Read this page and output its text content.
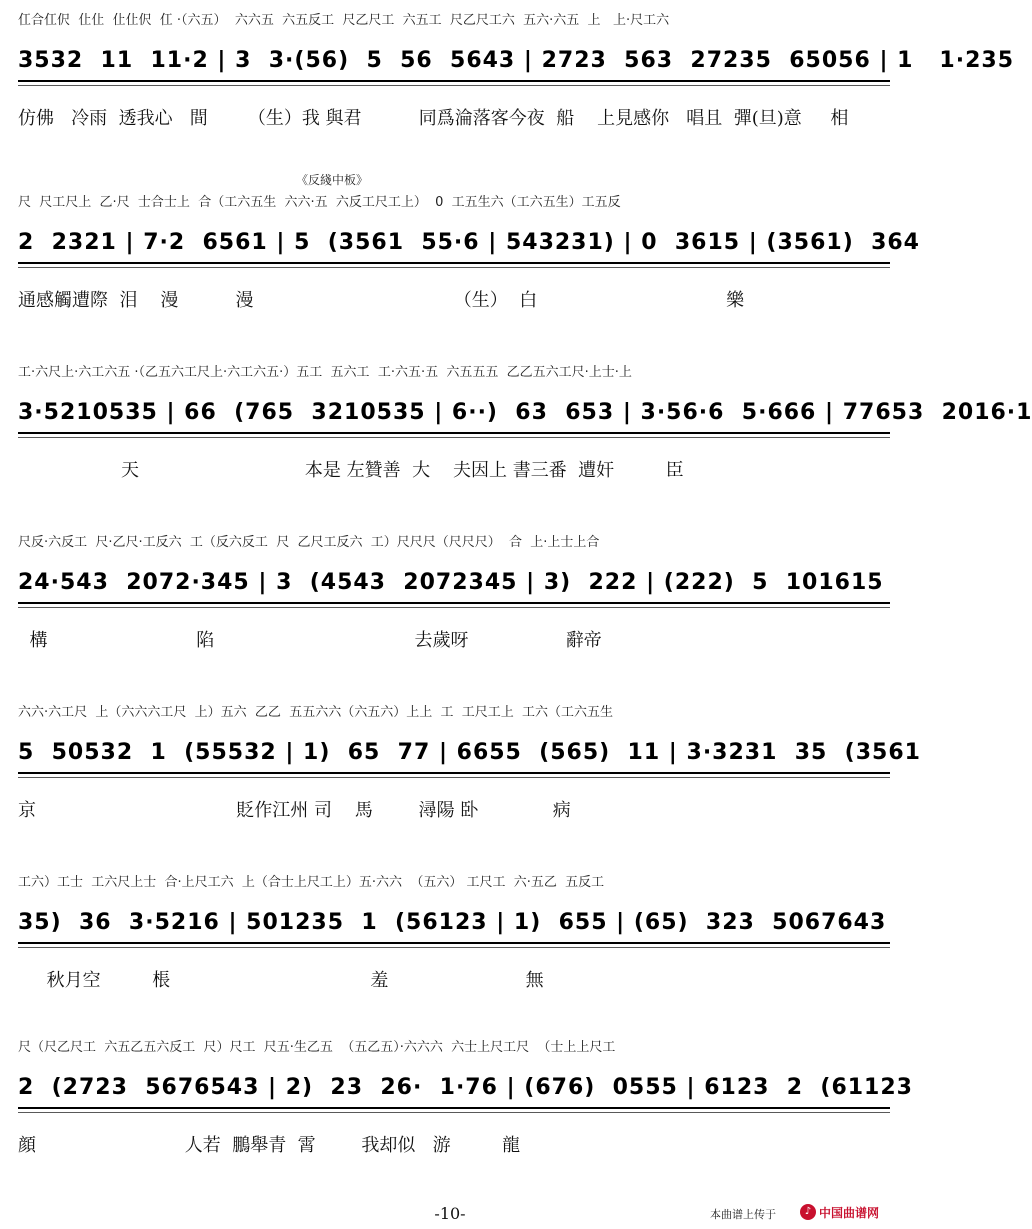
仜合仜伬  仩仩  仩仩伬  仜 ·（六五）  六六五  六五反工  尺乙尺工  六五工  尺乙尺工六  五六·六五  上   上·尺工六
3532  11  11·2 | 3  3·(56)  5  56  5643 | 2723  563  27235  65056 | 1   1·235
仿佛   冷雨  透我心   間       （生）我 與君          同爲淪落客今夜  船    上見感你   唱且  彈(旦)意     相
《反綫中板》
尺  尺工尺上  乙·尺  士合士上  合（工六五生  六六·五  六反工尺工上）  0  工五生六（工六五生）工五反
2  2321 | 7·2  6561 | 5  (3561  55·6 | 543231) | 0  3615 | (3561)  364
通感觸遭際  泪    漫          漫                                   （生）  白                                 樂
工·六尺上·六工六五 ·（乙五六工尺上·六工六五·）五工  五六工  工·六五·五  六五五五  乙乙五六工尺·上士·上
3·5210535 | 66  (765  3210535 | 6··)  63  653 | 3·56·6  5·666 | 77653  2016·1
天                             本是 左贊善  大    夫因上 書三番  遭奸         臣
尺反·六反工  尺·乙尺·工反六  工（反六反工  尺  乙尺工反六  工）尺尺尺（尺尺尺）  合  上·上士上合
24·543  2072·345 | 3  (4543  2072345 | 3)  222 | (222)  5  101615
構                          陷                                   去歲呀                 辭帝
六六·六工尺  上（六六六工尺  上）五六  乙乙  五五六六（六五六）上上  工  工尺工上  工六（工六五生
5  50532  1  (55532 | 1)  65  77 | 6655  (565)  11 | 3·3231  35  (3561
京                                   貶作江州 司    馬        潯陽 卧             病
工六）工士  工六尺上士  合·上尺工六  上（合士上尺工上）五·六六  （五六） 工尺工  六·五乙  五反工
35)  36  3·5216 | 501235  1  (56123 | 1)  655 | (65)  323  5067643
秋月空         棖                                   羞                        無
尺（尺乙尺工  六五乙五六反工  尺）尺工  尺五·生乙五  （五乙五）·六六六  六士上尺工尺  （士上上尺工
2  (2723  5676543 | 2)  23  26·  1·76 | (676)  0555 | 6123  2  (61123
顔                          人若  鵬舉青  霄        我却似   游         龍
-10-	本曲谱上传于	♪ 中国曲谱网
